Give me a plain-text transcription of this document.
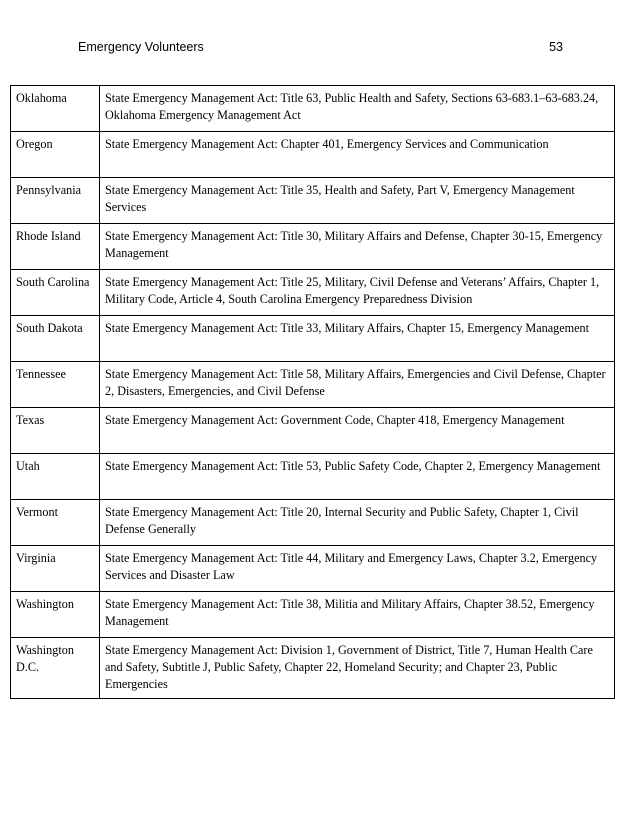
Emergency Volunteers	53
Oklahoma	State Emergency Management Act: Title 63, Public Health and Safety, Sections 63-683.1–63-683.24, Oklahoma Emergency Management Act
Oregon	State Emergency Management Act: Chapter 401, Emergency Services and Communication
Pennsylvania	State Emergency Management Act: Title 35, Health and Safety, Part V, Emergency Management Services
Rhode Island	State Emergency Management Act: Title 30, Military Affairs and Defense, Chapter 30-15, Emergency Management
South Carolina	State Emergency Management Act: Title 25, Military, Civil Defense and Veterans’ Affairs, Chapter 1, Military Code, Article 4, South Carolina Emergency Preparedness Division
South Dakota	State Emergency Management Act: Title 33, Military Affairs, Chapter 15, Emergency Management
Tennessee	State Emergency Management Act: Title 58, Military Affairs, Emergencies and Civil Defense, Chapter 2, Disasters, Emergencies, and Civil Defense
Texas	State Emergency Management Act: Government Code, Chapter 418, Emergency Management
Utah	State Emergency Management Act: Title 53, Public Safety Code, Chapter 2, Emergency Management
Vermont	State Emergency Management Act: Title 20, Internal Security and Public Safety, Chapter 1, Civil Defense Generally
Virginia	State Emergency Management Act: Title 44, Military and Emergency Laws, Chapter 3.2, Emergency Services and Disaster Law
Washington	State Emergency Management Act: Title 38, Militia and Military Affairs, Chapter 38.52, Emergency Management
Washington D.C.	State Emergency Management Act: Division 1, Government of District, Title 7, Human Health Care and Safety, Subtitle J, Public Safety, Chapter 22, Homeland Security; and Chapter 23, Public Emergencies
